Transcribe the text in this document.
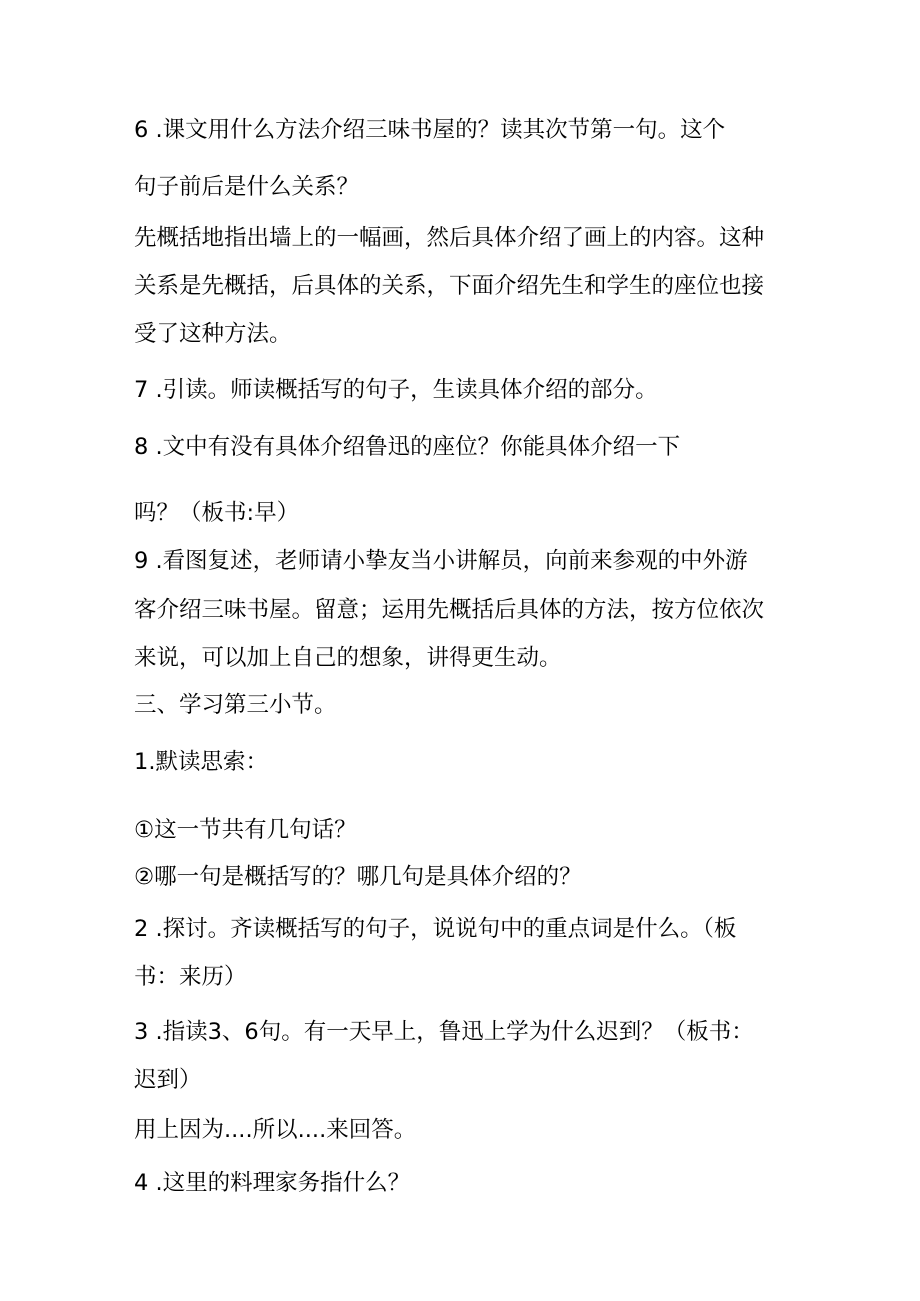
6 .课文用什么方法介绍三味书屋的？读其次节第一句。这个
句子前后是什么关系？
先概括地指出墙上的一幅画，然后具体介绍了画上的内容。这种
关系是先概括，后具体的关系，下面介绍先生和学生的座位也接
受了这种方法。
7 .引读。师读概括写的句子，生读具体介绍的部分。
8 .文中有没有具体介绍鲁迅的座位？你能具体介绍一下
吗？（板书:早）
9 .看图复述，老师请小挚友当小讲解员，向前来参观的中外游
客介绍三味书屋。留意；运用先概括后具体的方法，按方位依次
来说，可以加上自己的想象，讲得更生动。
三、学习第三小节。
1.默读思索：
①这一节共有几句话？
②哪一句是概括写的？哪几句是具体介绍的？
2 .探讨。齐读概括写的句子，说说句中的重点词是什么。（板
书：来历）
3 .指读3、6句。有一天早上，鲁迅上学为什么迟到？（板书：
迟到）
用上因为....所以....来回答。
4 .这里的料理家务指什么？
